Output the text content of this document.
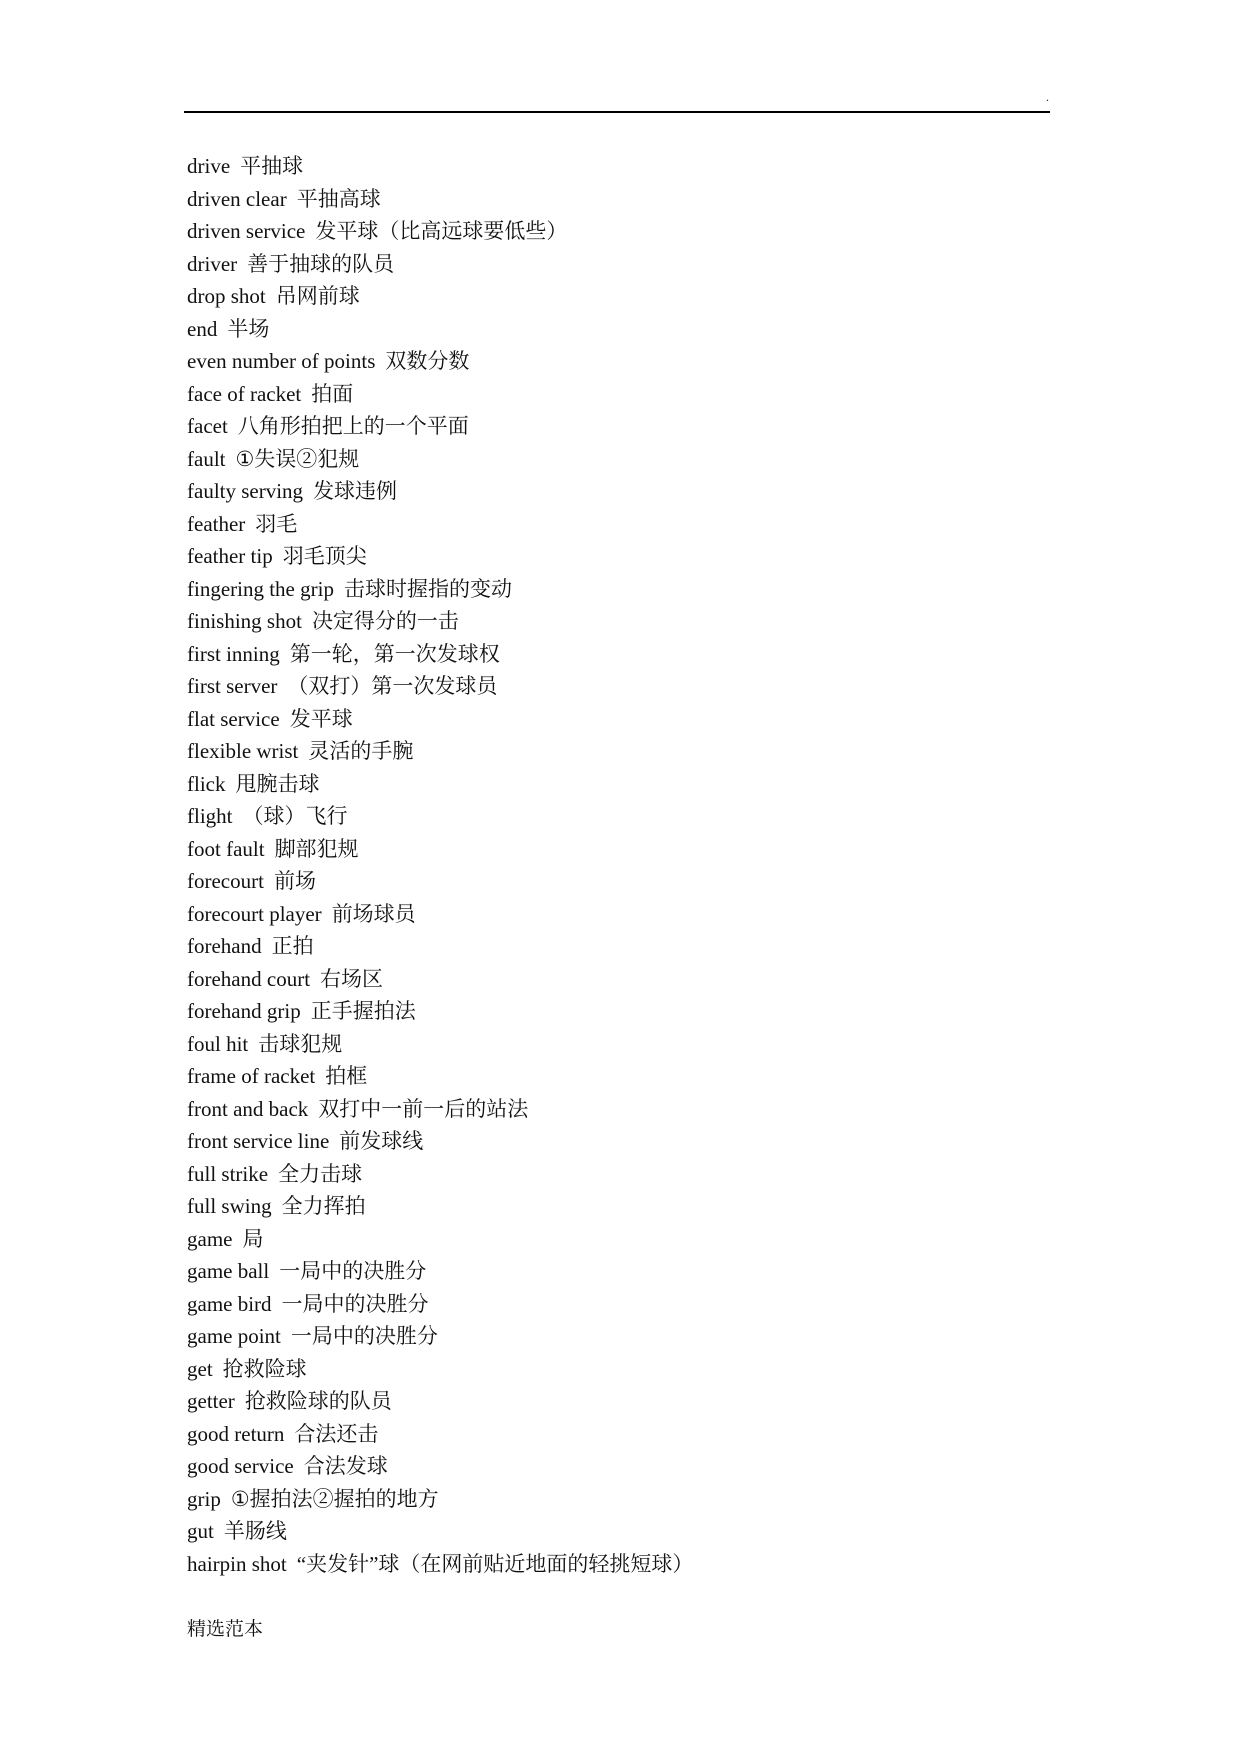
.
drive 平抽球
driven clear 平抽高球
driven service 发平球（比高远球要低些）
driver 善于抽球的队员
drop shot 吊网前球
end 半场
even number of points 双数分数
face of racket 拍面
facet 八角形拍把上的一个平面
fault ①失误②犯规
faulty serving 发球违例
feather 羽毛
feather tip 羽毛顶尖
fingering the grip 击球时握指的变动
finishing shot 决定得分的一击
first inning 第一轮，第一次发球权
first server （双打）第一次发球员
flat service 发平球
flexible wrist 灵活的手腕
flick 甩腕击球
flight （球）飞行
foot fault 脚部犯规
forecourt 前场
forecourt player 前场球员
forehand 正拍
forehand court 右场区
forehand grip 正手握拍法
foul hit 击球犯规
frame of racket 拍框
front and back 双打中一前一后的站法
front service line 前发球线
full strike 全力击球
full swing 全力挥拍
game 局
game ball 一局中的决胜分
game bird 一局中的决胜分
game point 一局中的决胜分
get 抢救险球
getter 抢救险球的队员
good return 合法还击
good service 合法发球
grip ①握拍法②握拍的地方
gut 羊肠线
hairpin shot “夹发针”球（在网前贴近地面的轻挑短球）
精选范本
